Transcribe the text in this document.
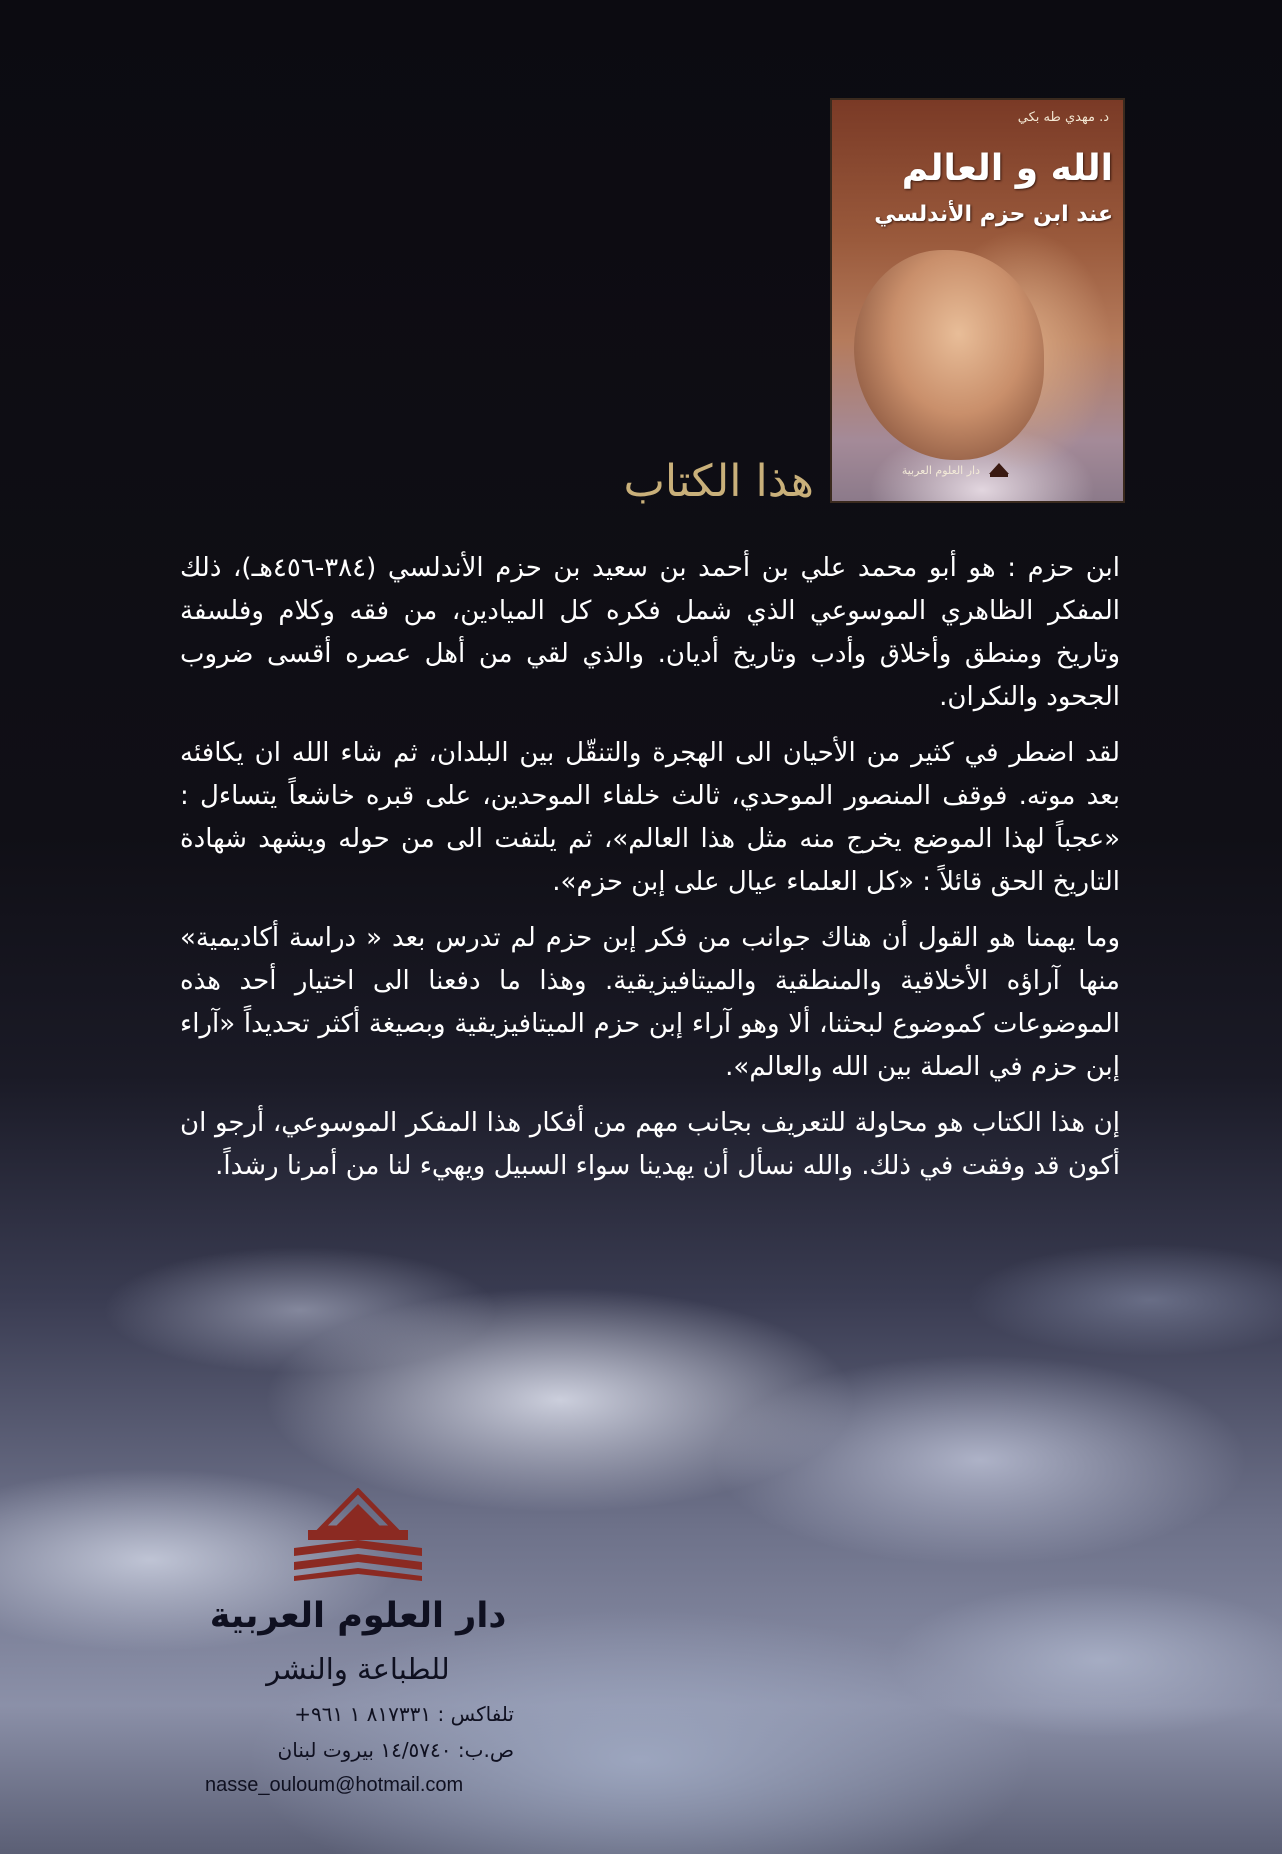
د. مهدي طه بكي
الله و العالم
عند ابن حزم الأندلسي
دار العلوم العربية
هذا الكتاب

ابن حزم : هو أبو محمد علي بن أحمد بن سعيد بن حزم الأندلسي (٣٨٤-٤٥٦هـ)، ذلك المفكر الظاهري الموسوعي الذي شمل فكره كل الميادين، من فقه وكلام وفلسفة وتاريخ ومنطق وأخلاق وأدب وتاريخ أديان. والذي لقي من أهل عصره أقسى ضروب الجحود والنكران.

لقد اضطر في كثير من الأحيان الى الهجرة والتنقّل بين البلدان، ثم شاء الله ان يكافئه بعد موته. فوقف المنصور الموحدي، ثالث خلفاء الموحدين، على قبره خاشعاً يتساءل : «عجباً لهذا الموضع يخرج منه مثل هذا العالم»، ثم يلتفت الى من حوله ويشهد شهادة التاريخ الحق قائلاً : «كل العلماء عيال على إبن حزم».

وما يهمنا هو القول أن هناك جوانب من فكر إبن حزم لم تدرس بعد « دراسة أكاديمية» منها آراؤه الأخلاقية والمنطقية والميتافيزيقية. وهذا ما دفعنا الى اختيار أحد هذه الموضوعات كموضوع لبحثنا، ألا وهو آراء إبن حزم الميتافيزيقية وبصيغة أكثر تحديداً «آراء إبن حزم في الصلة بين الله والعالم».

إن هذا الكتاب هو محاولة للتعريف بجانب مهم من أفكار هذا المفكر الموسوعي، أرجو ان أكون قد وفقت في ذلك. والله نسأل أن يهدينا سواء السبيل ويهيء لنا من أمرنا رشداً.

دار العلوم العربية
للطباعة والنشر
تلفاكس : ٨١٧٣٣١ ١ ٩٦١+
ص.ب: ١٤/٥٧٤٠ بيروت لبنان
nasse_ouloum@hotmail.com
